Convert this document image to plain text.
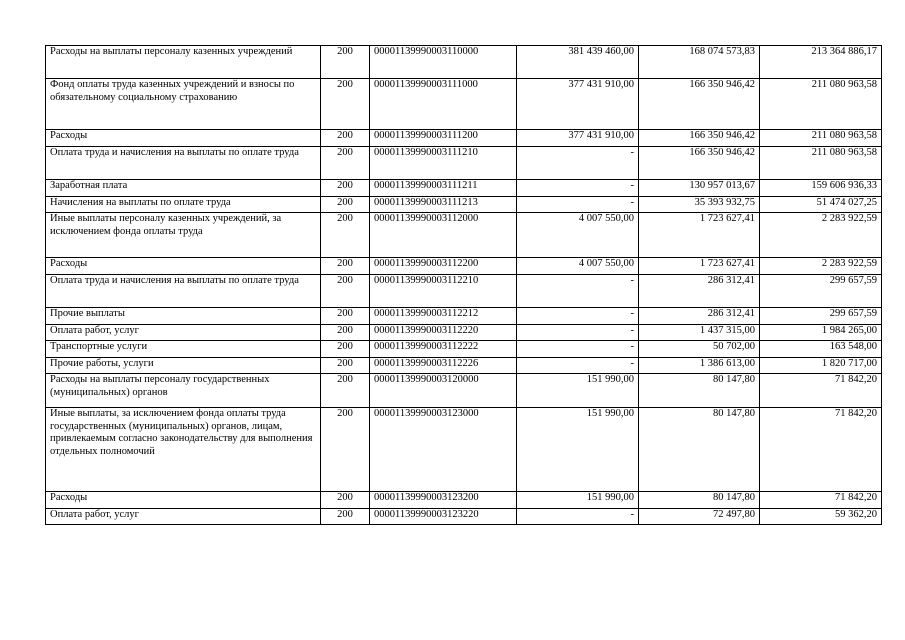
Расходы на выплаты персоналу казенных учреждений	200	00001139990003110000	381 439 460,00	168 074 573,83	213 364 886,17
Фонд оплаты труда казенных учреждений и взносы по обязательному социальному страхованию	200	00001139990003111000	377 431 910,00	166 350 946,42	211 080 963,58
Расходы	200	00001139990003111200	377 431 910,00	166 350 946,42	211 080 963,58
Оплата труда и начисления на выплаты по оплате труда	200	00001139990003111210	-	166 350 946,42	211 080 963,58
Заработная плата	200	00001139990003111211	-	130 957 013,67	159 606 936,33
Начисления на выплаты по оплате труда	200	00001139990003111213	-	35 393 932,75	51 474 027,25
Иные выплаты персоналу казенных учреждений, за исключением фонда оплаты труда	200	00001139990003112000	4 007 550,00	1 723 627,41	2 283 922,59
Расходы	200	00001139990003112200	4 007 550,00	1 723 627,41	2 283 922,59
Оплата труда и начисления на выплаты по оплате труда	200	00001139990003112210	-	286 312,41	299 657,59
Прочие выплаты	200	00001139990003112212	-	286 312,41	299 657,59
Оплата работ, услуг	200	00001139990003112220	-	1 437 315,00	1 984 265,00
Транспортные услуги	200	00001139990003112222	-	50 702,00	163 548,00
Прочие работы, услуги	200	00001139990003112226	-	1 386 613,00	1 820 717,00
Расходы на выплаты персоналу государственных (муниципальных) органов	200	00001139990003120000	151 990,00	80 147,80	71 842,20
Иные выплаты, за исключением фонда оплаты труда государственных (муниципальных) органов, лицам, привлекаемым согласно законодательству для выполнения отдельных полномочий	200	00001139990003123000	151 990,00	80 147,80	71 842,20
Расходы	200	00001139990003123200	151 990,00	80 147,80	71 842,20
Оплата работ, услуг	200	00001139990003123220	-	72 497,80	59 362,20
